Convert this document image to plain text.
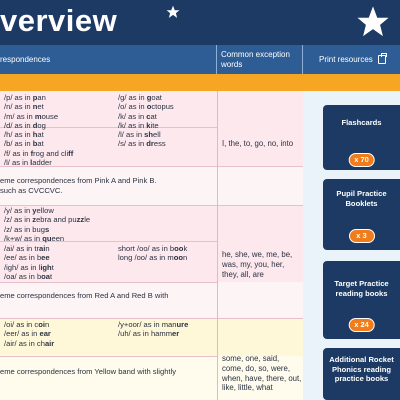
verview
respondences
Common exception words	Print resources
/p/ as in pan
/n/ as in net
/m/ as in mouse
/d/ as in dog
/h/ as in hat
/b/ as in bat
/f/ as in frog and cliff
/l/ as in ladder
/g/ as in goat
/o/ as in octopus
/k/ as in cat
/k/ as in kite
/l/ as in shell
/s/ as in dress
eme correspondences from Pink A and Pink B.
such as CVCCVC.
I, the, to, go, no, into
/y/ as in yellow
/z/ as in zebra and puzzle
/z/ as in bugs
/k+w/ as in queen
/ai/ as in train
/ee/ as in bee
/igh/ as in light
/oa/ as in boat
short /oo/ as in book
long /oo/ as in moon
eme correspondences from Red A and Red B with
he, she, we, me, be, was, my, you, her, they, all, are
/oi/ as in coin
/eer/ as in ear
/air/ as in chair
/y+oor/ as in manure
/uh/ as in hammer
eme correspondences from Yellow band with slightly
some, one, said, come, do, so, were, when, have, there, out, like, little, what
Flashcards
x 70
Pupil Practice Booklets
x 3
Target Practice reading books
x 24
Additional Rocket Phonics reading practice books
